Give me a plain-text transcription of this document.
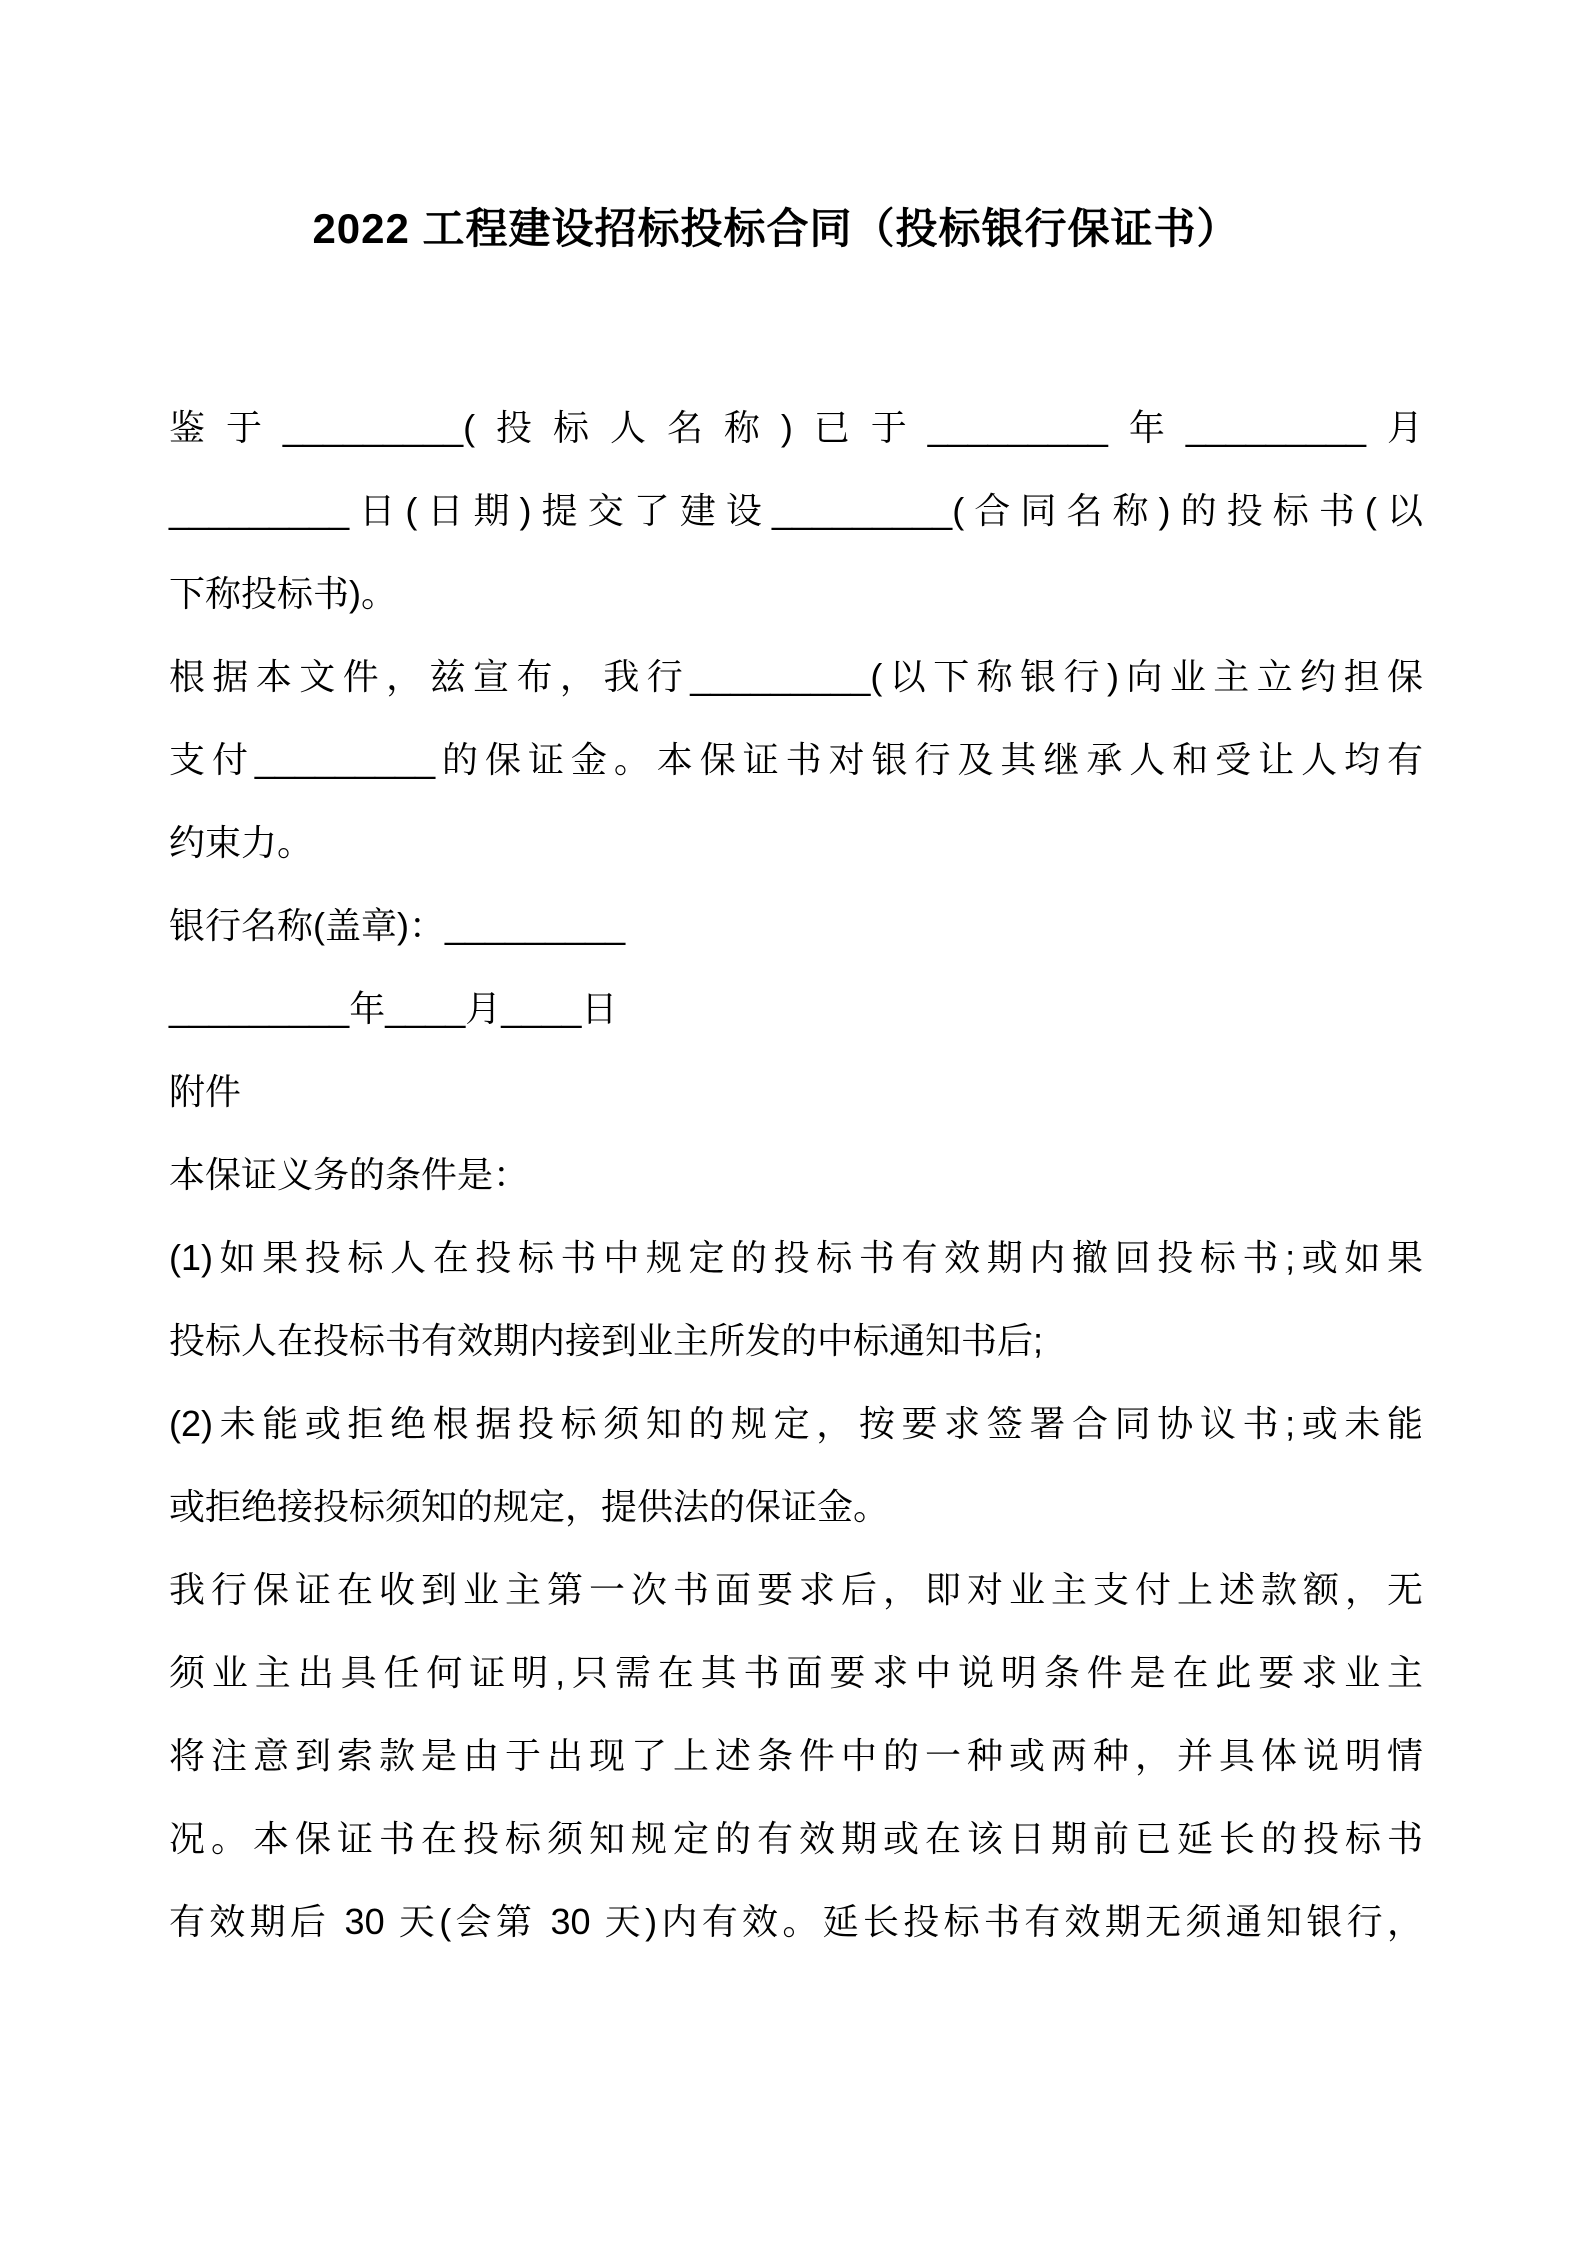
2022 工程建设招标投标合同（投标银行保证书）
鉴于_________(投标人名称)已于_________年_________月
_________日(日期)提交了建设_________(合同名称)的投标书(以
下称投标书)。
根据本文件，兹宣布，我行_________(以下称银行)向业主立约担保
支付_________的保证金。本保证书对银行及其继承人和受让人均有
约束力。
银行名称(盖章)：_________
_________年____月____日
附件
本保证义务的条件是：
(1)如果投标人在投标书中规定的投标书有效期内撤回投标书;或如果
投标人在投标书有效期内接到业主所发的中标通知书后;
(2)未能或拒绝根据投标须知的规定，按要求签署合同协议书;或未能
或拒绝接投标须知的规定，提供法的保证金。
我行保证在收到业主第一次书面要求后，即对业主支付上述款额，无
须业主出具任何证明,只需在其书面要求中说明条件是在此要求业主
将注意到索款是由于出现了上述条件中的一种或两种，并具体说明情
况。本保证书在投标须知规定的有效期或在该日期前已延长的投标书
有效期后 30 天(会第 30 天)内有效。延长投标书有效期无须通知银行，
